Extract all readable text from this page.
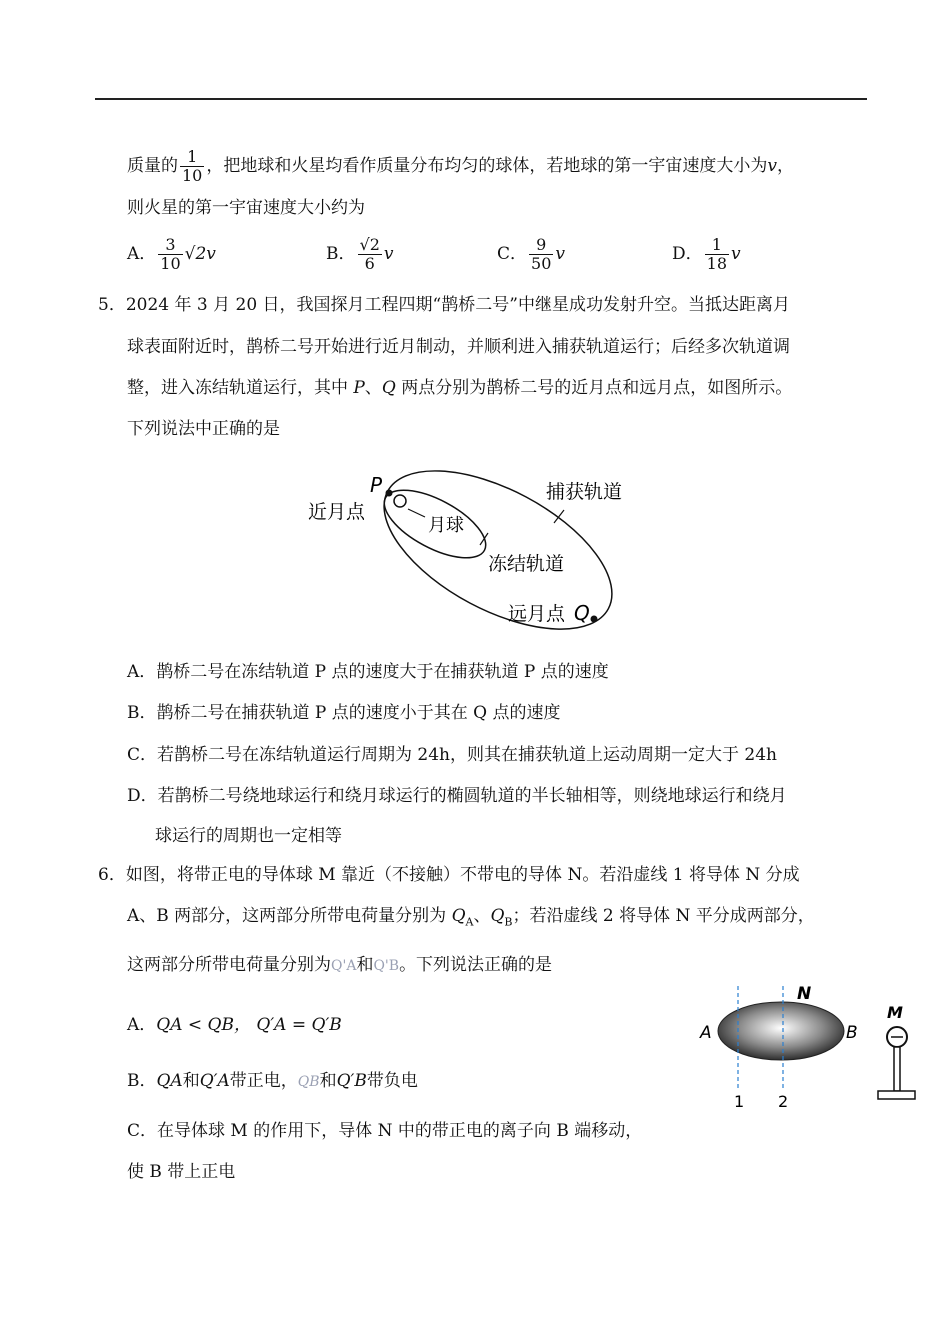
质量的 $\frac{1}{10}$ ，把地球和火星均看作质量分布均匀的球体，若地球的第一宇宙速度大小为v，
则火星的第一宇宙速度大小约为
A． $\frac{3}{10} √2v$	B． $\frac{√2}{6}$ v	C． $\frac{9}{50}$ v	D． $\frac{1}{18}$ v
5．2024 年 3 月 20 日，我国探月工程四期“鹊桥二号”中继星成功发射升空。当抵达距离月
球表面附近时，鹊桥二号开始进行近月制动，并顺利进入捕获轨道运行；后经多次轨道调
整，进入冻结轨道运行，其中 P、Q 两点分别为鹊桥二号的近月点和远月点，如图所示。
下列说法中正确的是
P
近月点
月球
捕获轨道
冻结轨道
远月点 Q
A．鹊桥二号在冻结轨道 P 点的速度大于在捕获轨道 P 点的速度
B．鹊桥二号在捕获轨道 P 点的速度小于其在 Q 点的速度
C．若鹊桥二号在冻结轨道运行周期为 24h，则其在捕获轨道上运动周期一定大于 24h
D．若鹊桥二号绕地球运行和绕月球运行的椭圆轨道的半长轴相等，则绕地球运行和绕月
球运行的周期也一定相等
6．如图，将带正电的导体球 M 靠近（不接触）不带电的导体 N。若沿虚线 1 将导体 N 分成
A、B 两部分，这两部分所带电荷量分别为 $Q_A$、$Q_B$；若沿虚线 2 将导体 N 平分成两部分，
这两部分所带电荷量分别为Q'A和Q'B。下列说法正确的是
A．QA < QB， Q′A = Q′B
B．QA和Q′A带正电，QB和Q′B带负电
C．在导体球 M 的作用下，导体 N 中的带正电的离子向 B 端移动，
使 B 带上正电
N
A	B
1 2
M
